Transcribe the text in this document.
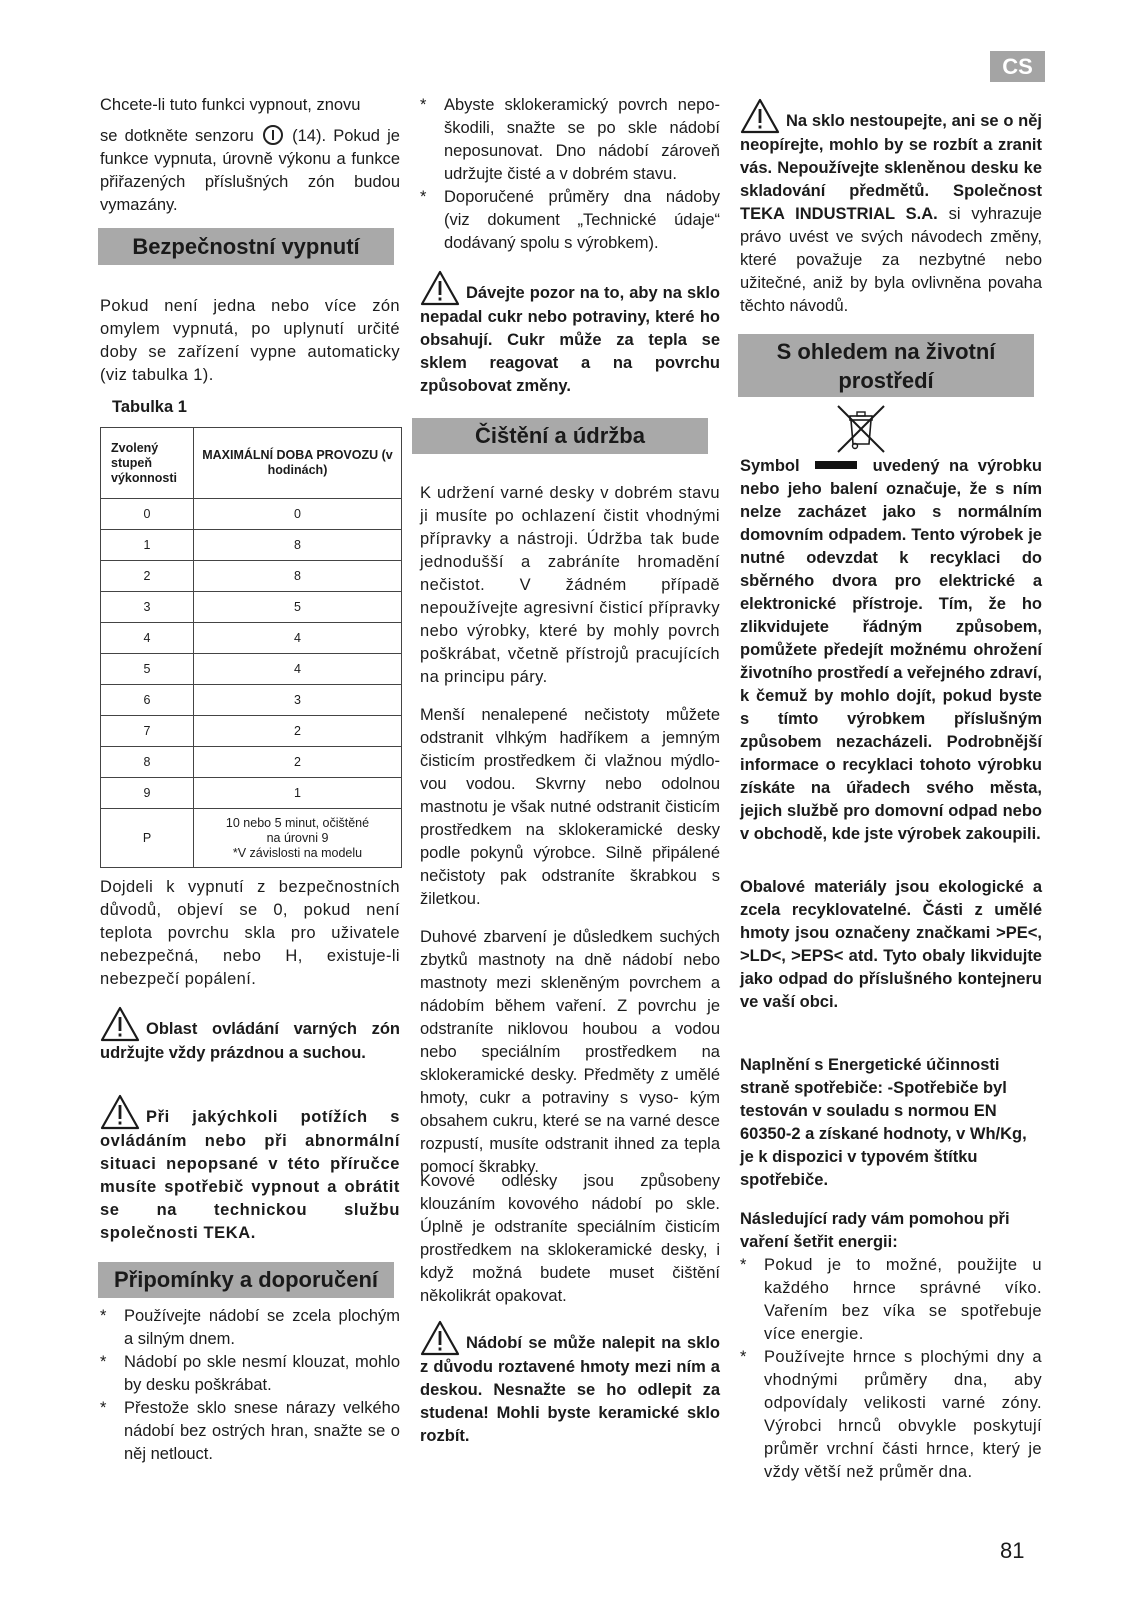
CS

Chcete-li tuto funkci vypnout, znovu

se dotkněte senzoru (14). Pokud je funkce vypnuta, úrovně výkonu a funkce přiřazených příslušných zón budou vymazány.
Bezpečnostní vypnutí

Pokud není jedna nebo více zón omylem vypnutá, po uplynutí určité doby se zařízení vypne automaticky (viz tabulka 1).

Tabulka 1
Zvolený stupeň výkonnosti	MAXIMÁLNÍ DOBA PROVOZU (v hodinách)
0	0
1	8
2	8
3	5
4	4
5	4
6	3
7	2
8	2
9	1
P	10 nebo 5 minut, očištěné
na úrovni 9
*V závislosti na modelu

Dojdeli k vypnutí z bezpečnostních důvodů, objeví se 0, pokud není teplota povrchu skla pro uživatele nebezpečná, nebo H, existuje-li nebezpečí popálení.

Oblast ovládání varných zón udržujte vždy prázdnou a suchou.
Při jakýchkoli potížích s ovládáním nebo při abnormální situaci nepopsané v této příručce musíte spotřebič vypnout a obrátit se na technickou službu společnosti TEKA.
Připomínky a doporučení
* Používejte nádobí se zcela plochým a silným dnem.
* Nádobí po skle nesmí klouzat, mohlo by desku poškrábat.
* Přestože sklo snese nárazy velkého nádobí bez ostrých hran, snažte se o něj netlouct.
* Abyste sklokeramický povrch nepo-škodili, snažte se po skle nádobí neposunovat. Dno nádobí zároveň udržujte čisté a v dobrém stavu.
* Doporučené průměry dna nádoby (viz dokument „Technické údaje“ dodávaný spolu s výrobkem).
Dávejte pozor na to, aby na sklo nepadal cukr nebo potraviny, které ho obsahují. Cukr může za tepla se sklem reagovat a na povrchu způsobovat změny.
Čištění a údržba

K udržení varné desky v dobrém stavu ji musíte po ochlazení čistit vhodnými přípravky a nástroji. Údržba tak bude jednodušší a zabráníte hromadění nečistot. V žádném případě nepoužívejte agresivní čisticí přípravky nebo výrobky, které by mohly povrch poškrábat, včetně přístrojů pracujících na principu páry.

Menší nenalepené nečistoty můžete odstranit vlhkým hadříkem a jemným čisticím prostředkem či vlažnou mýdlo- vou vodou. Skvrny nebo odolnou mastnotu je však nutné odstranit čisticím prostředkem na sklokeramické desky podle pokynů výrobce. Silně připálené nečistoty pak odstraníte škrabkou s žiletkou.

Duhové zbarvení je důsledkem suchých zbytků mastnoty na dně nádobí nebo mastnoty mezi skleněným povrchem a nádobím během vaření. Z povrchu je odstraníte niklovou houbou a vodou nebo speciálním prostředkem na sklokeramické desky. Předměty z umělé hmoty, cukr a potraviny s vyso- kým obsahem cukru, které se na varné desce rozpustí, musíte odstranit ihned za tepla pomocí škrabky.

Kovové odlesky jsou způsobeny klouzáním kovového nádobí po skle. Úplně je odstraníte speciálním čisticím prostředkem na sklokeramické desky, i když možná budete muset čištění několikrát opakovat.

Nádobí se může nalepit na sklo z důvodu roztavené hmoty mezi ním a deskou. Nesnažte se ho odlepit za studena! Mohli byste keramické sklo rozbít.
Na sklo nestoupejte, ani se o něj neopírejte, mohlo by se rozbít a zranit vás. Nepoužívejte skleněnou desku ke skladování předmětů. Společnost TEKA INDUSTRIAL S.A. si vyhrazuje právo uvést ve svých návodech změny, které považuje za nezbytné nebo užitečné, aniž by byla ovlivněna povaha těchto návodů.
S ohledem na životní prostředí
Symbol	uvedený na výrobku nebo jeho balení označuje, že s ním nelze zacházet jako s normálním domovním odpadem. Tento výrobek je nutné odevzdat k recyklaci do sběrného dvora pro elektrické a elektronické přístroje. Tím, že ho zlikvidujete řádným způsobem, pomůžete předejít možnému ohrožení životního prostředí a veřejného zdraví, k čemuž by mohlo dojít, pokud byste s tímto výrobkem příslušným způsobem nezacházeli. Podrobnější informace o recyklaci tohoto výrobku získáte na úřadech svého města, jejich službě pro domovní odpad nebo v obchodě, kde jste výrobek zakoupili.

Obalové materiály jsou ekologické a zcela recyklovatelné. Části z umělé hmoty jsou označeny značkami >PE<, >LD<, >EPS< atd. Tyto obaly likvidujte jako odpad do příslušného kontejneru ve vaší obci.

Naplnění s Energetické účinnosti straně spotřebiče: -Spotřebiče byl testován v souladu s normou EN 60350-2 a získané hodnoty, v Wh/Kg, je k dispozici v typovém štítku spotřebiče.

Následující rady vám pomohou při vaření šetřit energii:

* Pokud je to možné, použijte u každého hrnce správné víko. Vařením bez víka se spotřebuje více energie.
* Používejte hrnce s plochými dny a vhodnými průměry dna, aby odpovídaly velikosti varné zóny. Výrobci hrnců obvykle poskytují průměr vrchní části hrnce, který je vždy větší než průměr dna.
81
